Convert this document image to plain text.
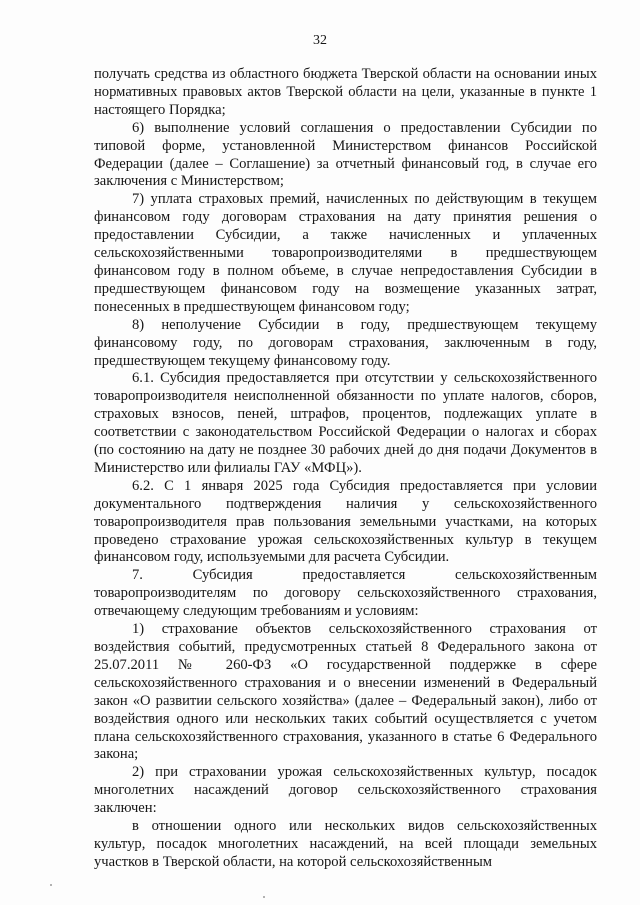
32

получать средства из областного бюджета Тверской области на основании иных нормативных правовых актов Тверской области на цели, указанные в пункте 1 настоящего Порядка;

6) выполнение условий соглашения о предоставлении Субсидии по типовой форме, установленной Министерством финансов Российской Федерации (далее – Соглашение) за отчетный финансовый год, в случае его заключения с Министерством;

7) уплата страховых премий, начисленных по действующим в текущем финансовом году договорам страхования на дату принятия решения о предоставлении Субсидии, а также начисленных и уплаченных сельскохозяйственными товаропроизводителями в предшествующем финансовом году в полном объеме, в случае непредоставления Субсидии в предшествующем финансовом году на возмещение указанных затрат, понесенных в предшествующем финансовом году;

8) неполучение Субсидии в году, предшествующем текущему финансовому году, по договорам страхования, заключенным в году, предшествующем текущему финансовому году.

6.1. Субсидия предоставляется при отсутствии у сельскохозяйственного товаропроизводителя неисполненной обязанности по уплате налогов, сборов, страховых взносов, пеней, штрафов, процентов, подлежащих уплате в соответствии с законодательством Российской Федерации о налогах и сборах (по состоянию на дату не позднее 30 рабочих дней до дня подачи Документов в Министерство или филиалы ГАУ «МФЦ»).

6.2. С 1 января 2025 года Субсидия предоставляется при условии документального подтверждения наличия у сельскохозяйственного товаропроизводителя прав пользования земельными участками, на которых проведено страхование урожая сельскохозяйственных культур в текущем финансовом году, используемыми для расчета Субсидии.

7. Субсидия предоставляется сельскохозяйственным товаропроизводителям по договору сельскохозяйственного страхования, отвечающему следующим требованиям и условиям:

1) страхование объектов сельскохозяйственного страхования от воздействия событий, предусмотренных статьей 8 Федерального закона от 25.07.2011 № 260-ФЗ «О государственной поддержке в сфере сельскохозяйственного страхования и о внесении изменений в Федеральный закон «О развитии сельского хозяйства» (далее – Федеральный закон), либо от воздействия одного или нескольких таких событий осуществляется с учетом плана сельскохозяйственного страхования, указанного в статье 6 Федерального закона;

2) при страховании урожая сельскохозяйственных культур, посадок многолетних насаждений договор сельскохозяйственного страхования заключен:

в отношении одного или нескольких видов сельскохозяйственных культур, посадок многолетних насаждений, на всей площади земельных участков в Тверской области, на которой сельскохозяйственным
